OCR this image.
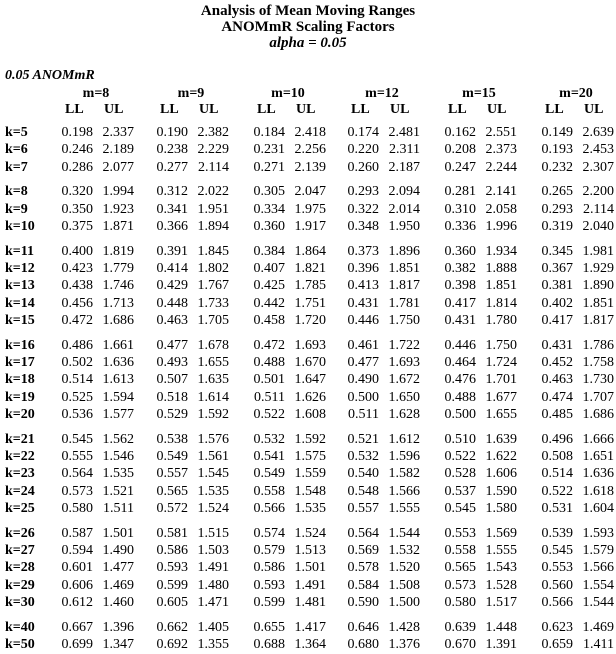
Analysis of Mean Moving Ranges
ANOMmR Scaling Factors
alpha = 0.05
0.05 ANOMmR
m=8	m=9	m=10	m=12	m=15	m=20
LL UL	LL UL	LL UL	LL UL	LL UL	LL UL
k=5	0.198 2.337	0.190 2.382	0.184 2.418	0.174 2.481	0.162 2.551	0.149 2.639
k=6	0.246 2.189	0.238 2.229	0.231 2.256	0.220 2.311	0.208 2.373	0.193 2.453
k=7	0.286 2.077	0.277 2.114	0.271 2.139	0.260 2.187	0.247 2.244	0.232 2.307
k=8	0.320 1.994	0.312 2.022	0.305 2.047	0.293 2.094	0.281 2.141	0.265 2.200
k=9	0.350 1.923	0.341 1.951	0.334 1.975	0.322 2.014	0.310 2.058	0.293 2.114
k=10	0.375 1.871	0.366 1.894	0.360 1.917	0.348 1.950	0.336 1.996	0.319 2.040
k=11	0.400 1.819	0.391 1.845	0.384 1.864	0.373 1.896	0.360 1.934	0.345 1.981
k=12	0.423 1.779	0.414 1.802	0.407 1.821	0.396 1.851	0.382 1.888	0.367 1.929
k=13	0.438 1.746	0.429 1.767	0.425 1.785	0.413 1.817	0.398 1.851	0.381 1.890
k=14	0.456 1.713	0.448 1.733	0.442 1.751	0.431 1.781	0.417 1.814	0.402 1.851
k=15	0.472 1.686	0.463 1.705	0.458 1.720	0.446 1.750	0.431 1.780	0.417 1.817
k=16	0.486 1.661	0.477 1.678	0.472 1.693	0.461 1.722	0.446 1.750	0.431 1.786
k=17	0.502 1.636	0.493 1.655	0.488 1.670	0.477 1.693	0.464 1.724	0.452 1.758
k=18	0.514 1.613	0.507 1.635	0.501 1.647	0.490 1.672	0.476 1.701	0.463 1.730
k=19	0.525 1.594	0.518 1.614	0.511 1.626	0.500 1.650	0.488 1.677	0.474 1.707
k=20	0.536 1.577	0.529 1.592	0.522 1.608	0.511 1.628	0.500 1.655	0.485 1.686
k=21	0.545 1.562	0.538 1.576	0.532 1.592	0.521 1.612	0.510 1.639	0.496 1.666
k=22	0.555 1.546	0.549 1.561	0.541 1.575	0.532 1.596	0.522 1.622	0.508 1.651
k=23	0.564 1.535	0.557 1.545	0.549 1.559	0.540 1.582	0.528 1.606	0.514 1.636
k=24	0.573 1.521	0.565 1.535	0.558 1.548	0.548 1.566	0.537 1.590	0.522 1.618
k=25	0.580 1.511	0.572 1.524	0.566 1.535	0.557 1.555	0.545 1.580	0.531 1.604
k=26	0.587 1.501	0.581 1.515	0.574 1.524	0.564 1.544	0.553 1.569	0.539 1.593
k=27	0.594 1.490	0.586 1.503	0.579 1.513	0.569 1.532	0.558 1.555	0.545 1.579
k=28	0.601 1.477	0.593 1.491	0.586 1.501	0.578 1.520	0.565 1.543	0.553 1.566
k=29	0.606 1.469	0.599 1.480	0.593 1.491	0.584 1.508	0.573 1.528	0.560 1.554
k=30	0.612 1.460	0.605 1.471	0.599 1.481	0.590 1.500	0.580 1.517	0.566 1.544
k=40	0.667 1.396	0.662 1.405	0.655 1.417	0.646 1.428	0.639 1.448	0.623 1.469
k=50	0.699 1.347	0.692 1.355	0.688 1.364	0.680 1.376	0.670 1.391	0.659 1.411
